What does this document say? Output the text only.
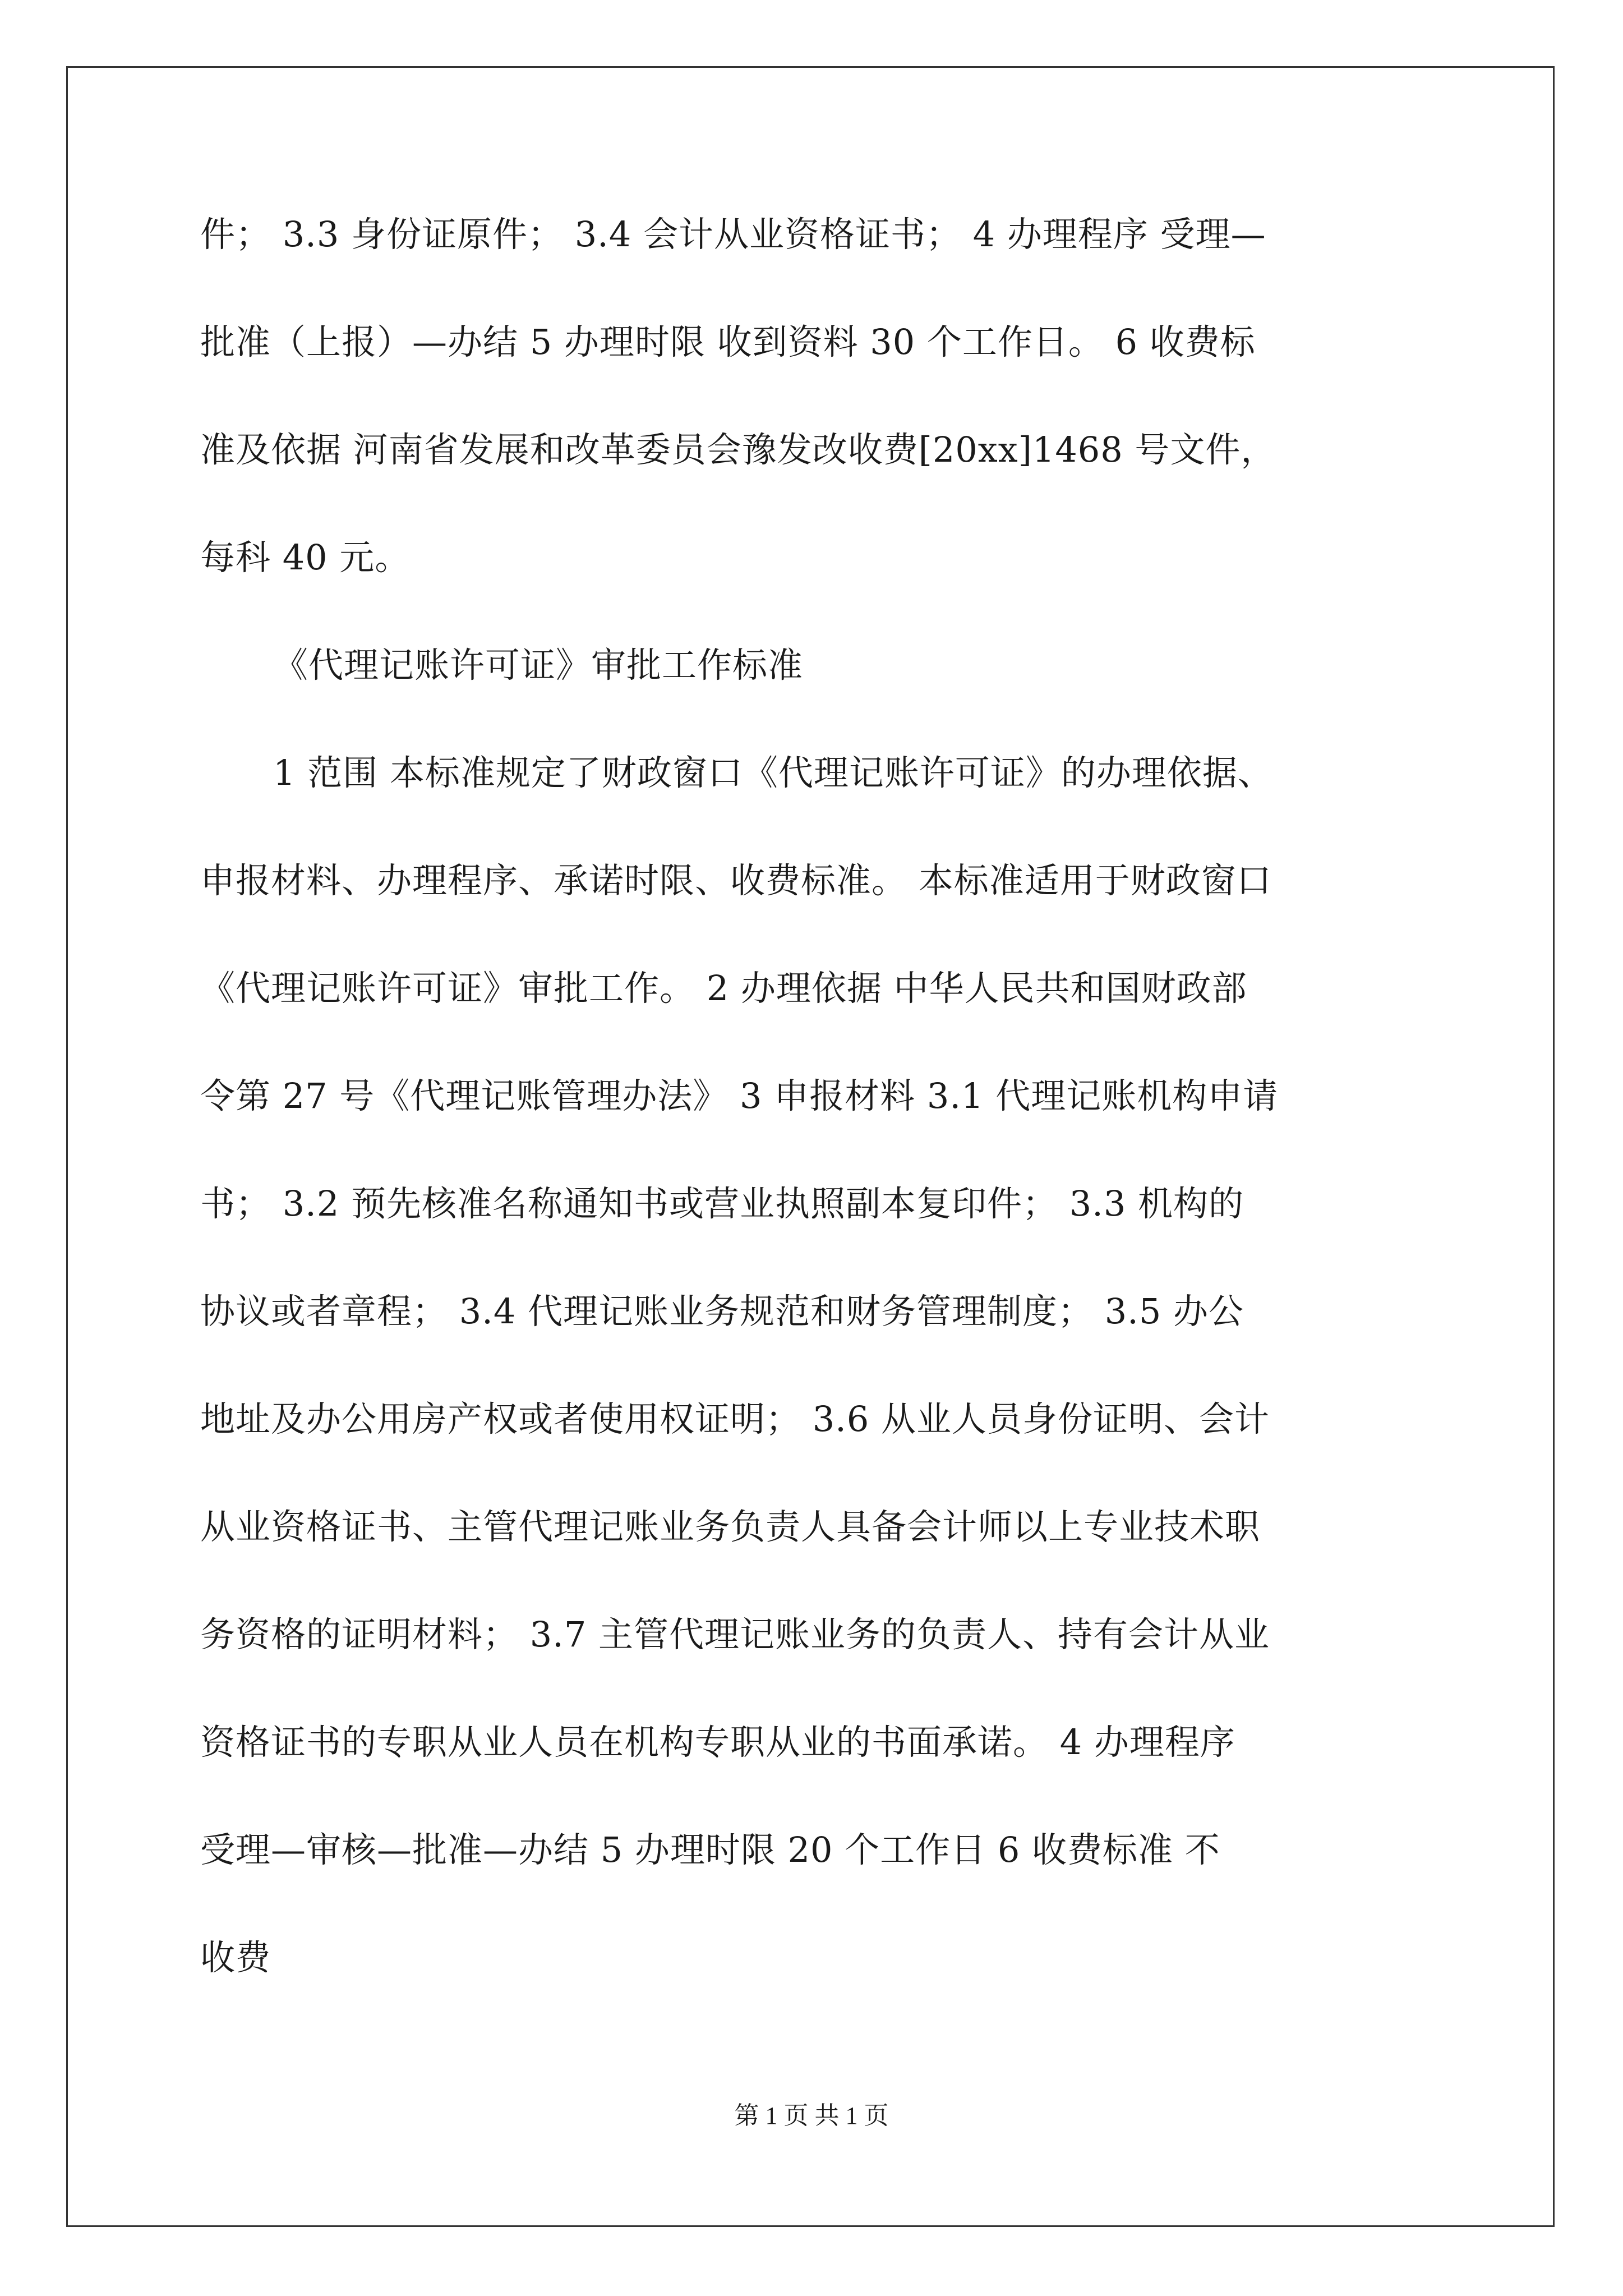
件； 3.3 身份证原件； 3.4 会计从业资格证书； 4 办理程序 受理—
批准（上报）—办结 5 办理时限 收到资料 30 个工作日。 6 收费标
准及依据 河南省发展和改革委员会豫发改收费[20xx]1468 号文件，
每科 40 元。
《代理记账许可证》审批工作标准
1 范围 本标准规定了财政窗口《代理记账许可证》的办理依据、
申报材料、办理程序、承诺时限、收费标准。 本标准适用于财政窗口
《代理记账许可证》审批工作。 2 办理依据 中华人民共和国财政部
令第 27 号《代理记账管理办法》 3 申报材料 3.1 代理记账机构申请
书； 3.2 预先核准名称通知书或营业执照副本复印件； 3.3 机构的
协议或者章程； 3.4 代理记账业务规范和财务管理制度； 3.5 办公
地址及办公用房产权或者使用权证明； 3.6 从业人员身份证明、会计
从业资格证书、主管代理记账业务负责人具备会计师以上专业技术职
务资格的证明材料； 3.7 主管代理记账业务的负责人、持有会计从业
资格证书的专职从业人员在机构专职从业的书面承诺。 4 办理程序
受理—审核—批准—办结 5 办理时限 20 个工作日 6 收费标准 不
收费
第 1 页 共 1 页
